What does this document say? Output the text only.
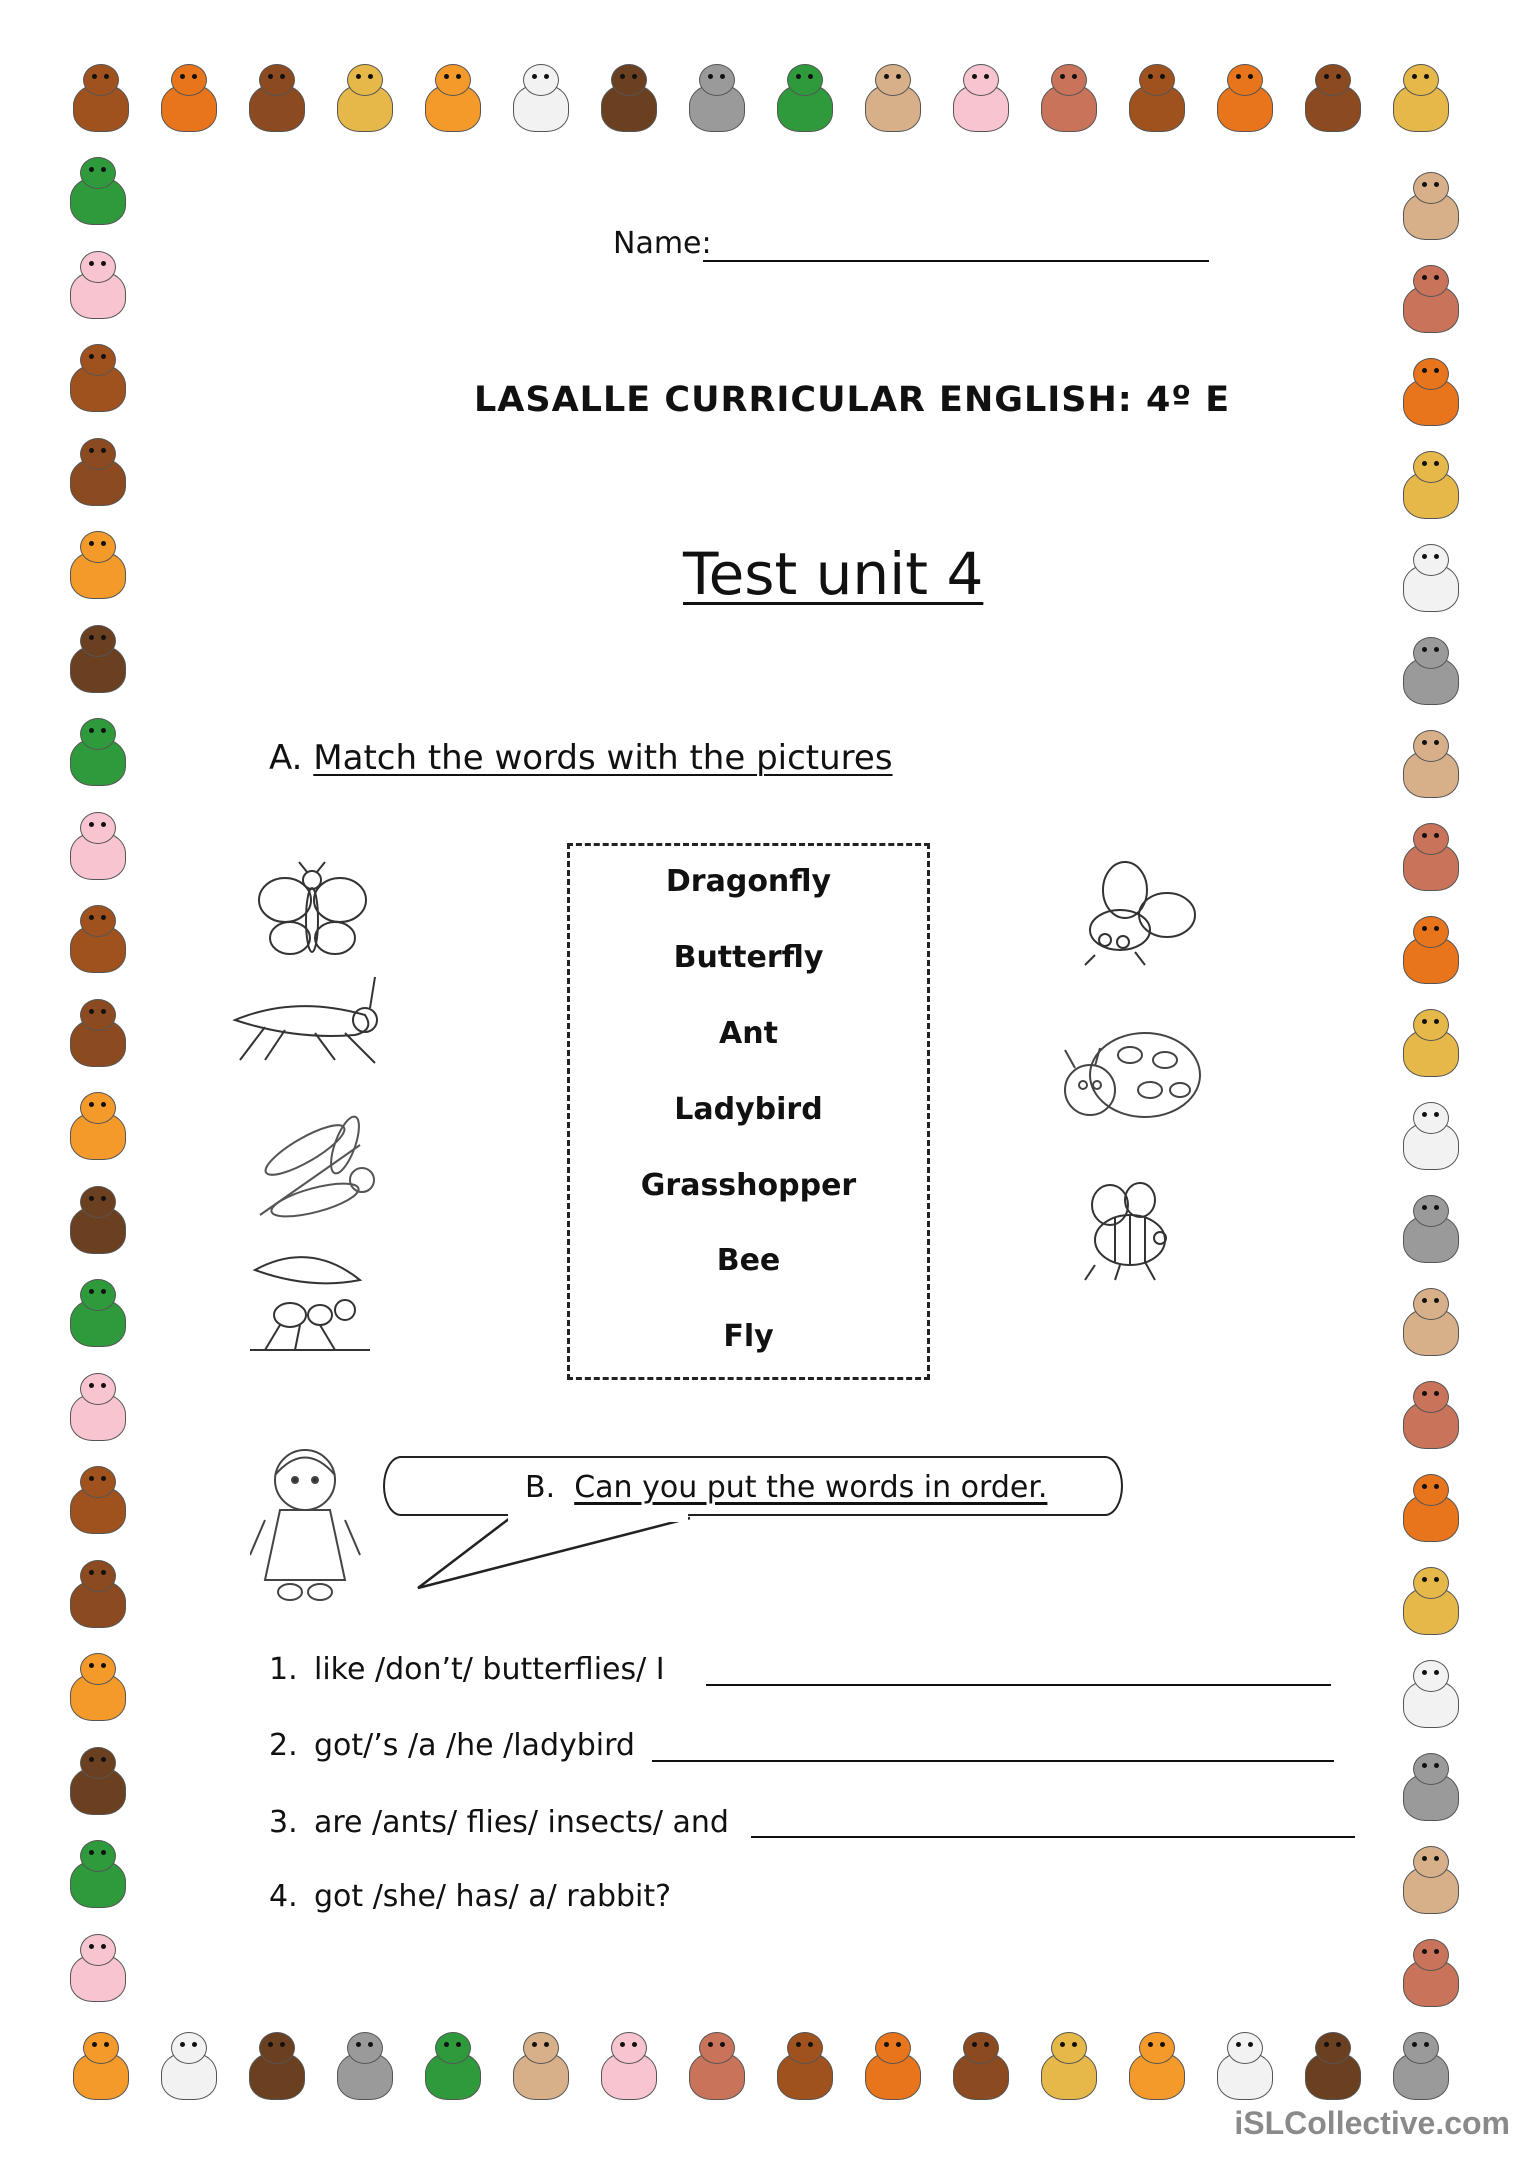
Name:
LASALLE CURRICULAR ENGLISH: 4º E
Test unit 4
A. Match the words with the pictures
Dragonfly
Butterfly
Ant
Ladybird
Grasshopper
Bee
Fly
B. Can you put the words in order.
1. like /don’t/ butterflies/ I
2. got/’s /a /he /ladybird
3. are /ants/ flies/ insects/ and
4. got /she/ has/ a/ rabbit?
iSLCollective.com
